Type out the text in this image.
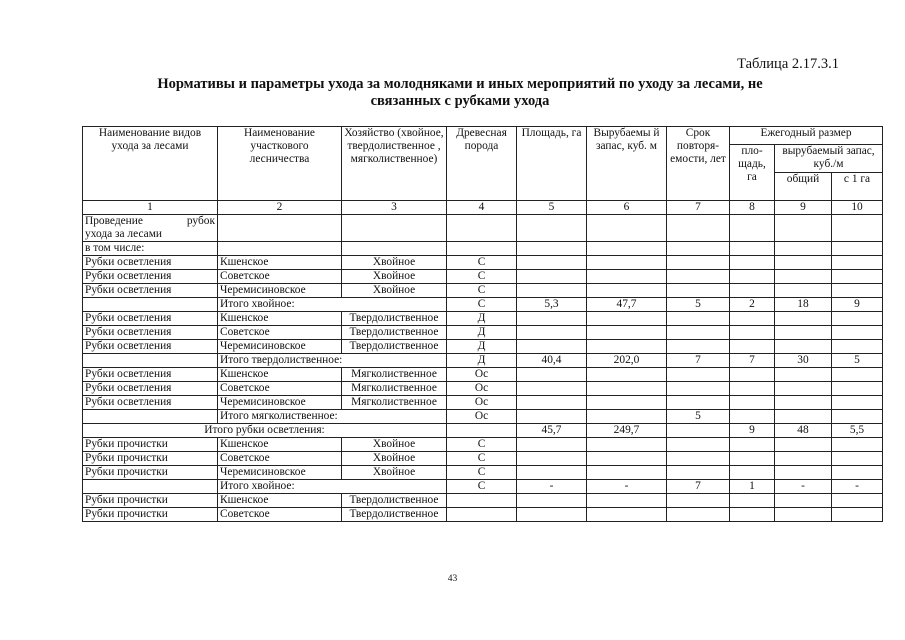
Таблица 2.17.3.1
Нормативы и параметры ухода за молодняками и иных мероприятий по уходу за лесами, не связанных с рубками ухода
Наименование видов ухода за лесами	Наименование участкового лесничества	Хозяйство (хвойное, твердолиственное , мягколиственное)	Древесная порода	Площадь, га	Вырубаемы й запас, куб. м	Срок повторя-емости, лет	Ежегодный размер		
							пло-щадь, га	вырубаемый запас, куб./м	
								общий	с 1 га
1	2	3	4	5	6	7	8	9	10

Проведение рубок
ухода за лесами									

в том числе:									
Рубки осветления	Кшенское	Хвойное	С						
Рубки осветления	Советское	Хвойное	С						
Рубки осветления	Черемисиновское	Хвойное	С						
	Итого хвойное:		С	5,3	47,7	5	2	18	9
Рубки осветления	Кшенское	Твердолиственное	Д						
Рубки осветления	Советское	Твердолиственное	Д						
Рубки осветления	Черемисиновское	Твердолиственное	Д						
	Итого твердолиственное:		Д	40,4	202,0	7	7	30	5
Рубки осветления	Кшенское	Мягколиственное	Ос						
Рубки осветления	Советское	Мягколиственное	Ос						
Рубки осветления	Черемисиновское	Мягколиственное	Ос						
	Итого мягколиственное:		Ос			5			
Итого рубки осветления:				45,7	249,7		9	48	5,5
Рубки прочистки	Кшенское	Хвойное	С						
Рубки прочистки	Советское	Хвойное	С						
Рубки прочистки	Черемисиновское	Хвойное	С						
	Итого хвойное:		С	-	-	7	1	-	-
Рубки прочистки	Кшенское	Твердолиственное							
Рубки прочистки	Советское	Твердолиственное							
43
